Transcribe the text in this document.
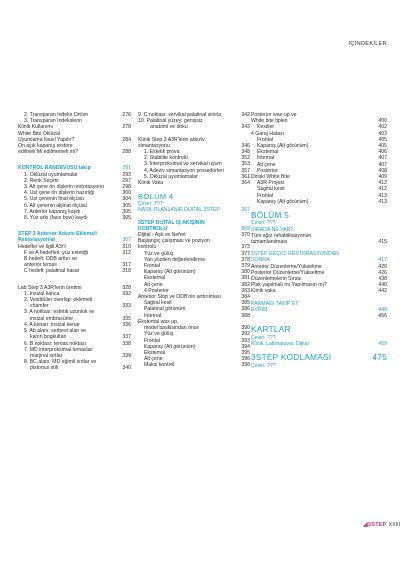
İÇİNDEKİLER
2. Transparan İndeks Örtüm	276
3. Transparan İndekslerin
Klinik Kullanımı	278
White Bite Oklüzal
Uyumlama Nasıl Yapılır?	284
Ön açık kapanış restore
edilmeli Mi edilmemeli mi?	288
KONTROL RANDEVUSU takip	291
1. Oklüzal uyumlamalar	293
2. Renk Seçimi	297
3. Alt çene ön dişlerin restorasyonu	298
4. Üst çene ön dişlerin hazırlığı	300
5. Üst çenenin final ölçüsü	304
6. Alt çenenin alijinat ölçüsü	305
7. Anterior kapanış kaydı	305
8. Yüz arkı (face bow) kaydı	305
STEP 3 Anterior Adeziv Eklemeli
Restorasyonlar	307
Hedefler ve ilgili A3r't	310
F ve A hedefleri: yüz estetiği	312
B hedefi: ODB arttırı ve
anterior temas	317
C hedefi: palatinal hasar	318
Lab Step 3 A3R'lerin üretimi	328
1. İnsizal kanca	332
2. Vestibüler overlap: eklemeli
chamfer	333
3. A noktası: estetik uzunluk ve
insizal embrasürler	335
4. A kenarı: insizal kenar	336
5. Ab alanı: serbest alan ve
kanın bogkultan	337
6. B noktası: temas noktası	338
7. MD interproksimal temaslar:
marjinal sırtlar	339
8. BC alanı: MD eğimli sırtlar ve
pistonus stili	340
9. C noktası: servikal palatinal sinirla	342
10. Palatinal yüzey: genişsiz
anatomi ve doku	343
Klinik Step 3 A3R'lerin adeziv
simantasyonu	346
1. Estetik prova	348
2. Stabilite kontrolü	352
3. İnterproksimal ve servikal uyum	353
4. Adeziv simantasyon prosedürleri	357
5. Oklüzal uyumlamalar	361
Klinik Vaka	364
BÖLÜM 4
Çeviri: ???
NASIL PLANLANIR DİJİTAL 3STEP	367
3STEP DİJİTAL İŞ AKIŞININ
KONTROLÜ	369
Dijital - Aşk ve Nefret	370
Başlangıç çalışması ve poziyon
kontrolü	373
Yüz ve gülüş	377
Yan yüzden değerlendirme	378
Frontal	379
Kapanış (Alt görünüm)	380
Ekstemal	381
Alt çene	382
4 Posterior	383
Anterior Stop ve ODB'nin arttırılması	384
Sagital kesit	385
Palatinal görünüm	386
İnternal	388
Ekstemal wax up,
model baskisindan önce	390
Yüz ve gülüş	392
Frontal	393
Kapanış (Alt görünüm)	394
Ekstemal	395
Alt çene	396
Maksi kontrol	398
Posterior wax-up ve
White bite tipleri	400
Kesitler	402
4 Garaj Hatası	403
Frontal	405
Kapanış (Alt görünüm)	405
Ekstemal	406
İnternal	407
Alt çene	407
Posterior	408
Dinski White Bite	409
A3R Projesi	412
Sagital kesit	412
Frontal	413
Kapanış (Alt görünüm)	413
BÖLÜM 5
Çeviri: ???
SIRADA NE VAR?
Tüm ağız rehabilitasyonun
tamamlanılması	415
3STEP GEÇİCİ RESTORASYONDAN
SONRA	417
Anterior Düzenleme/Yükseltme	420
Posterior Düzenleme/Yükseltme	426
Düzenlemelerin Sırası	438
Plak yapılmalı mı Yapılmasın mı?	440
Klinik vaka	442
PARMAĞI TAKİP ET
EVRİM	448
456
KARTLAR
Çeviri: ???
Klinik, Laboratuvar, Dijital	459
3STEP KODLAMASI	475
Çeviri: ???
◢3STEP XXIII
